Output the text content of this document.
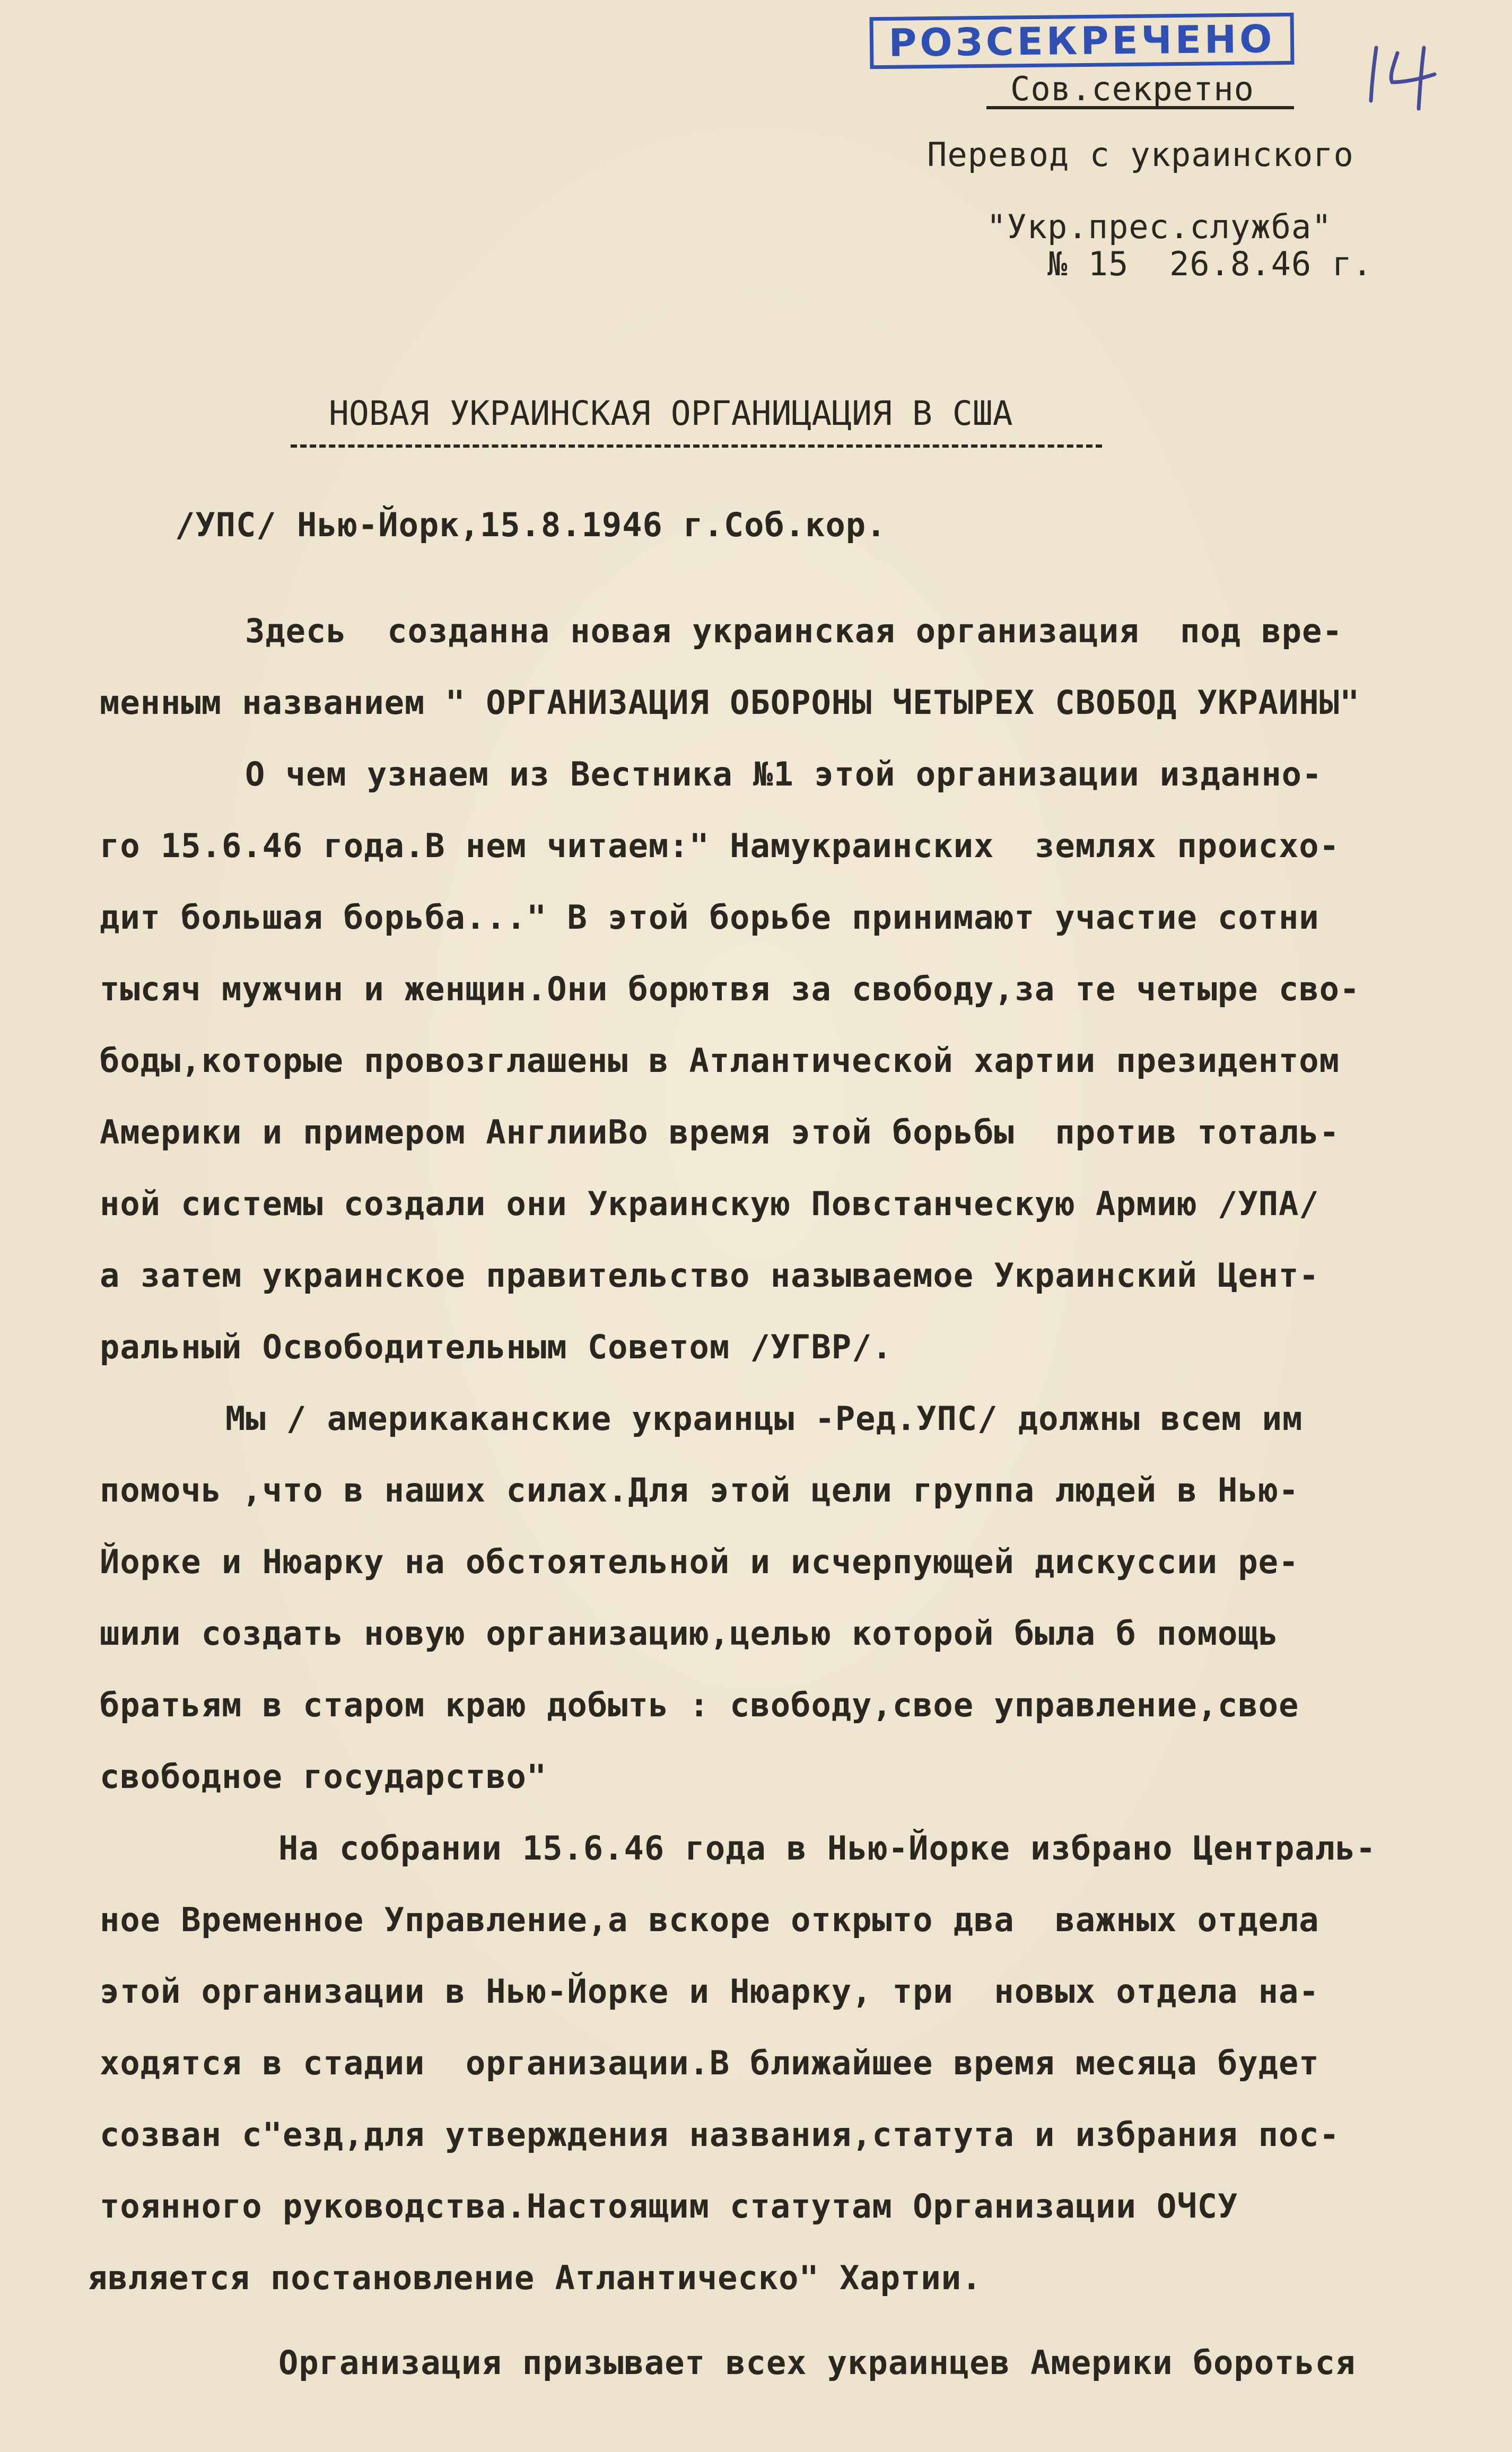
РОЗСЕКРЕЧЕНО
Сов.секретно
Перевод с украинского
"Укр.прес.служба"
№ 15  26.8.46 г.
НОВАЯ УКРАИНСКАЯ ОРГАНИЦАЦИЯ В США
/УПС/ Нью-Йорк,15.8.1946 г.Соб.кор.
Здесь  созданна новая украинская организация  под вре-
менным названием " ОРГАНИЗАЦИЯ ОБОРОНЫ ЧЕТЫРЕХ СВОБОД УКРАИНЫ"
О чем узнаем из Вестника №1 этой организации изданно-
го 15.6.46 года.В нем читаем:" Намукраинских  землях происхо-
дит большая борьба..." В этой борьбе принимают участие сотни
тысяч мужчин и женщин.Они борютвя за свободу,за те четыре сво-
боды,которые провозглашены в Атлантической хартии президентом
Америки и примером АнглииВо время этой борьбы  против тоталь-
ной системы создали они Украинскую Повстанческую Армию /УПА/
а затем украинское правительство называемое Украинский Цент-
ральный Освободительным Советом /УГВР/.
Мы / америкаканские украинцы -Ред.УПС/ должны всем им
помочь ,что в наших силах.Для этой цели группа людей в Нью-
Йорке и Нюарку на обстоятельной и исчерпующей дискуссии ре-
шили создать новую организацию,целью которой была б помощь
братьям в старом краю добыть : свободу,свое управление,свое
свободное государство"
На собрании 15.6.46 года в Нью-Йорке избрано Централь-
ное Временное Управление,а вскоре открыто два  важных отдела
этой организации в Нью-Йорке и Нюарку, три  новых отдела на-
ходятся в стадии  организации.В ближайшее время месяца будет
созван с"езд,для утверждения названия,статута и избрания пос-
тоянного руководства.Настоящим статутам Организации ОЧСУ
является постановление Атлантическо" Хартии.
Организация призывает всех украинцев Америки бороться
